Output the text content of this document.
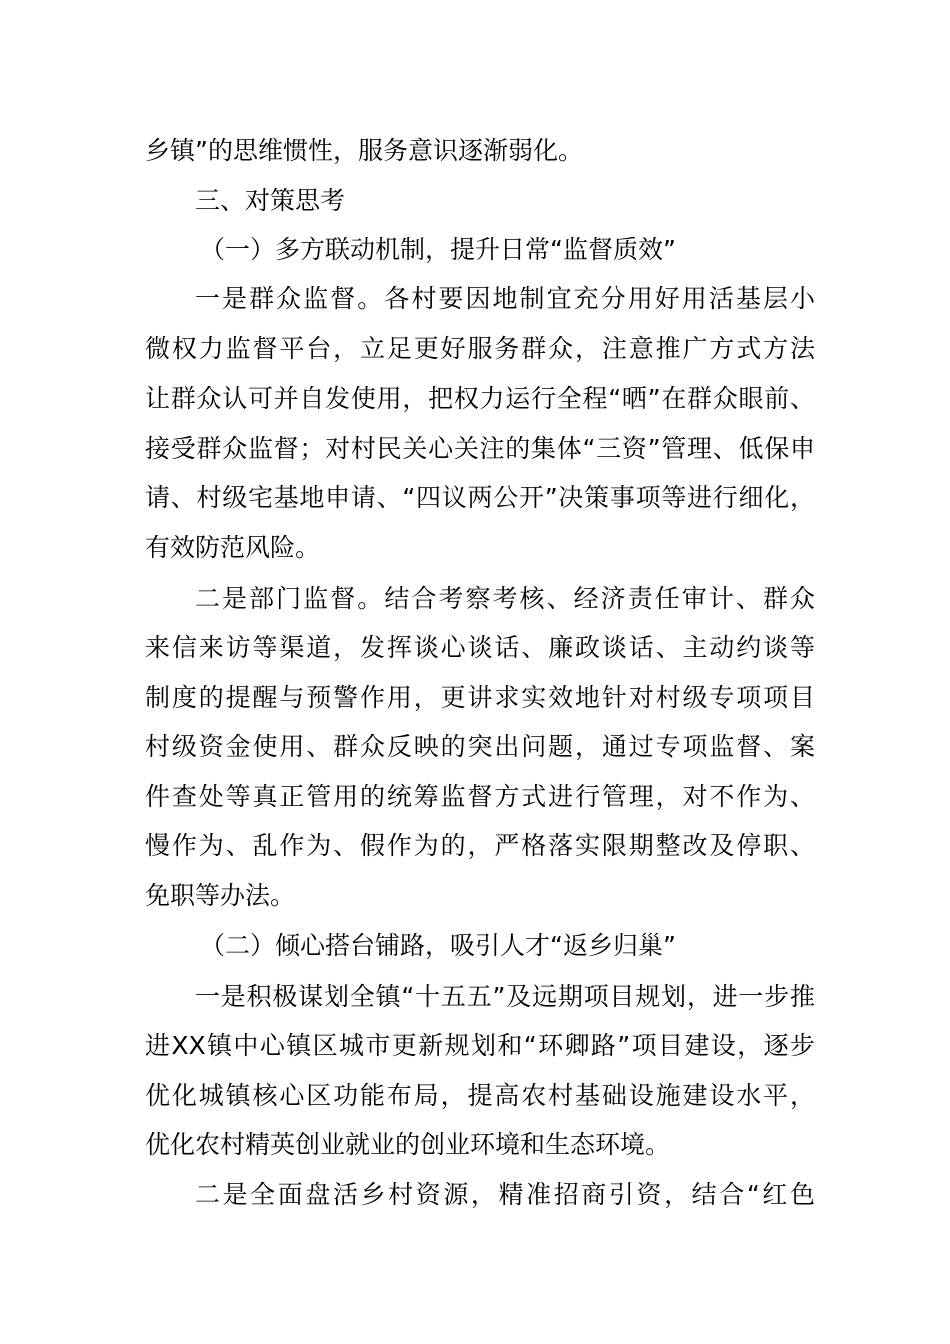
乡镇”的思维惯性，服务意识逐渐弱化。

三、对策思考

（一）多方联动机制，提升日常“监督质效”

一是群众监督。各村要因地制宜充分用好用活基层小

微权力监督平台，立足更好服务群众，注意推广方式方法

让群众认可并自发使用，把权力运行全程“晒”在群众眼前、

接受群众监督；对村民关心关注的集体“三资”管理、低保申

请、村级宅基地申请、“四议两公开”决策事项等进行细化，

有效防范风险。

二是部门监督。结合考察考核、经济责任审计、群众

来信来访等渠道，发挥谈心谈话、廉政谈话、主动约谈等

制度的提醒与预警作用，更讲求实效地针对村级专项项目

村级资金使用、群众反映的突出问题，通过专项监督、案

件查处等真正管用的统筹监督方式进行管理，对不作为、

慢作为、乱作为、假作为的，严格落实限期整改及停职、

免职等办法。

（二）倾心搭台铺路，吸引人才“返乡归巢”

一是积极谋划全镇“十五五”及远期项目规划，进一步推

进XX镇中心镇区城市更新规划和“环卿路”项目建设，逐步

优化城镇核心区功能布局，提高农村基础设施建设水平，

优化农村精英创业就业的创业环境和生态环境。

二是全面盘活乡村资源，精准招商引资，结合“红色
